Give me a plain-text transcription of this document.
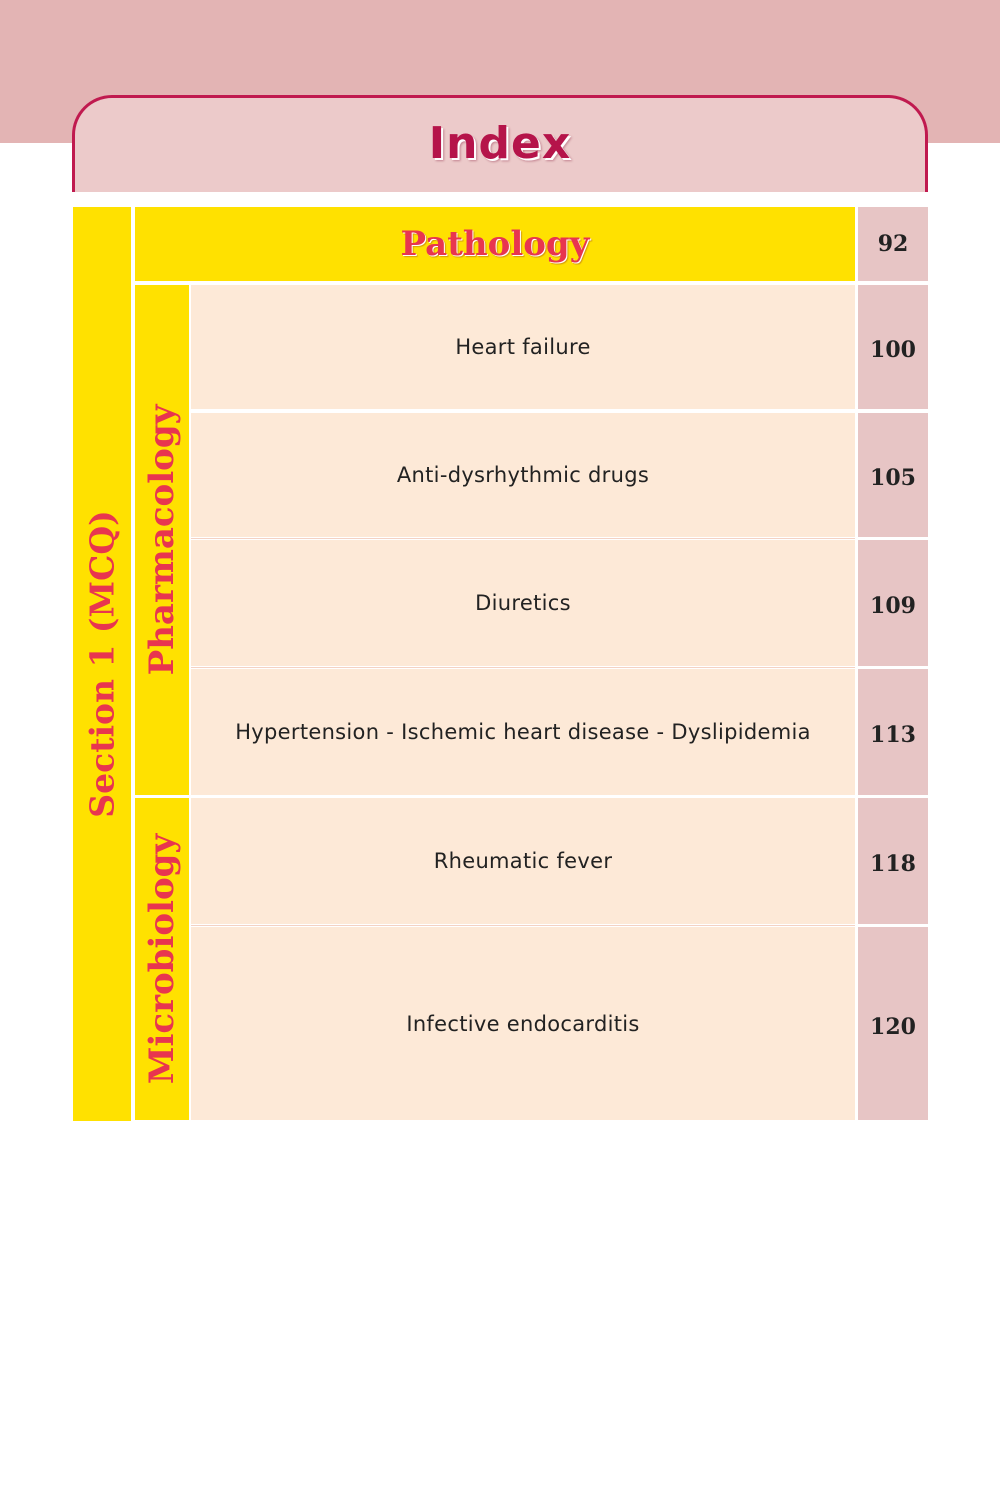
Index
Section 1 (MCQ)
Pathology	92
Pharmacology
Heart failure	100
Anti-dysrhythmic drugs	105
Diuretics	109
Hypertension - Ischemic heart disease - Dyslipidemia	113
Microbiology	Rheumatic fever	118
Infective endocarditis	120
